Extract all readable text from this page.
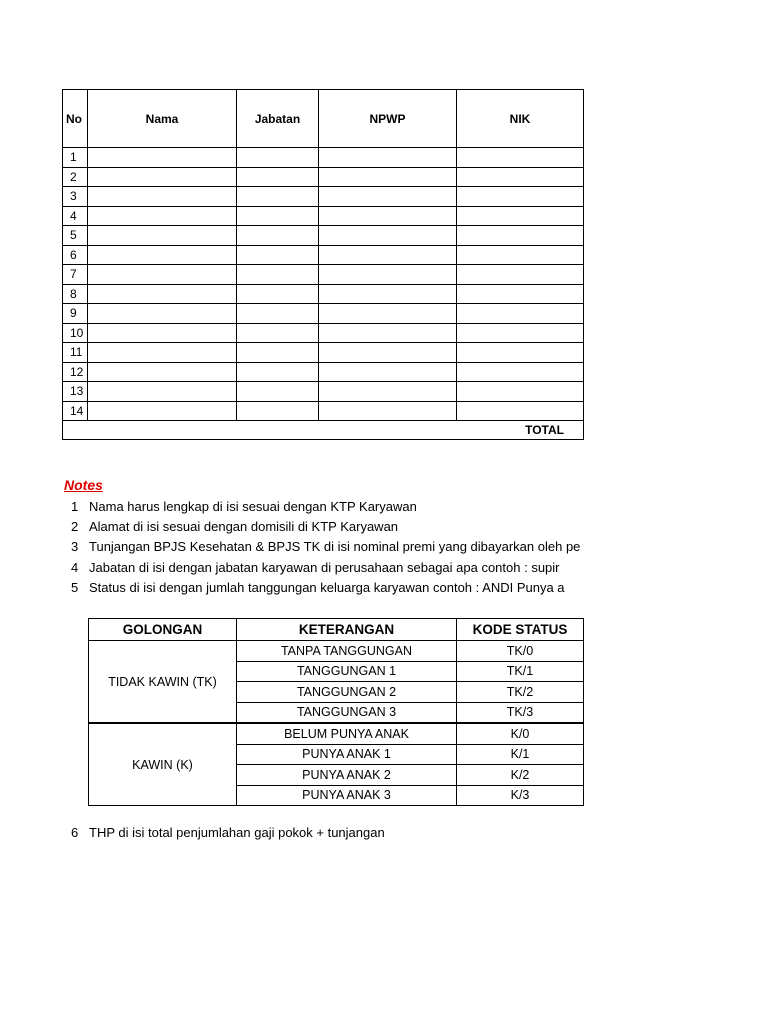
No	Nama	Jabatan	NPWP	NIK
1				
2				
3				
4				
5				
6				
7				
8				
9				
10				
11				
12				
13				
14				
TOTAL				
Notes
1 Nama harus lengkap di isi sesuai dengan KTP Karyawan
2 Alamat di isi sesuai dengan domisili di KTP Karyawan
3 Tunjangan BPJS Kesehatan & BPJS TK di isi nominal premi yang dibayarkan oleh pe
4 Jabatan di isi dengan jabatan karyawan di perusahaan sebagai apa contoh : supir
5 Status di isi dengan jumlah tanggungan keluarga karyawan contoh : ANDI Punya a
GOLONGAN	KETERANGAN	KODE STATUS
TIDAK KAWIN (TK)	TANPA TANGGUNGAN	TK/0
	TANGGUNGAN 1	TK/1
	TANGGUNGAN 2	TK/2
	TANGGUNGAN 3	TK/3
KAWIN (K)	BELUM PUNYA ANAK	K/0
	PUNYA ANAK 1	K/1
	PUNYA ANAK 2	K/2
	PUNYA ANAK 3	K/3
6 THP di isi total penjumlahan gaji pokok + tunjangan
